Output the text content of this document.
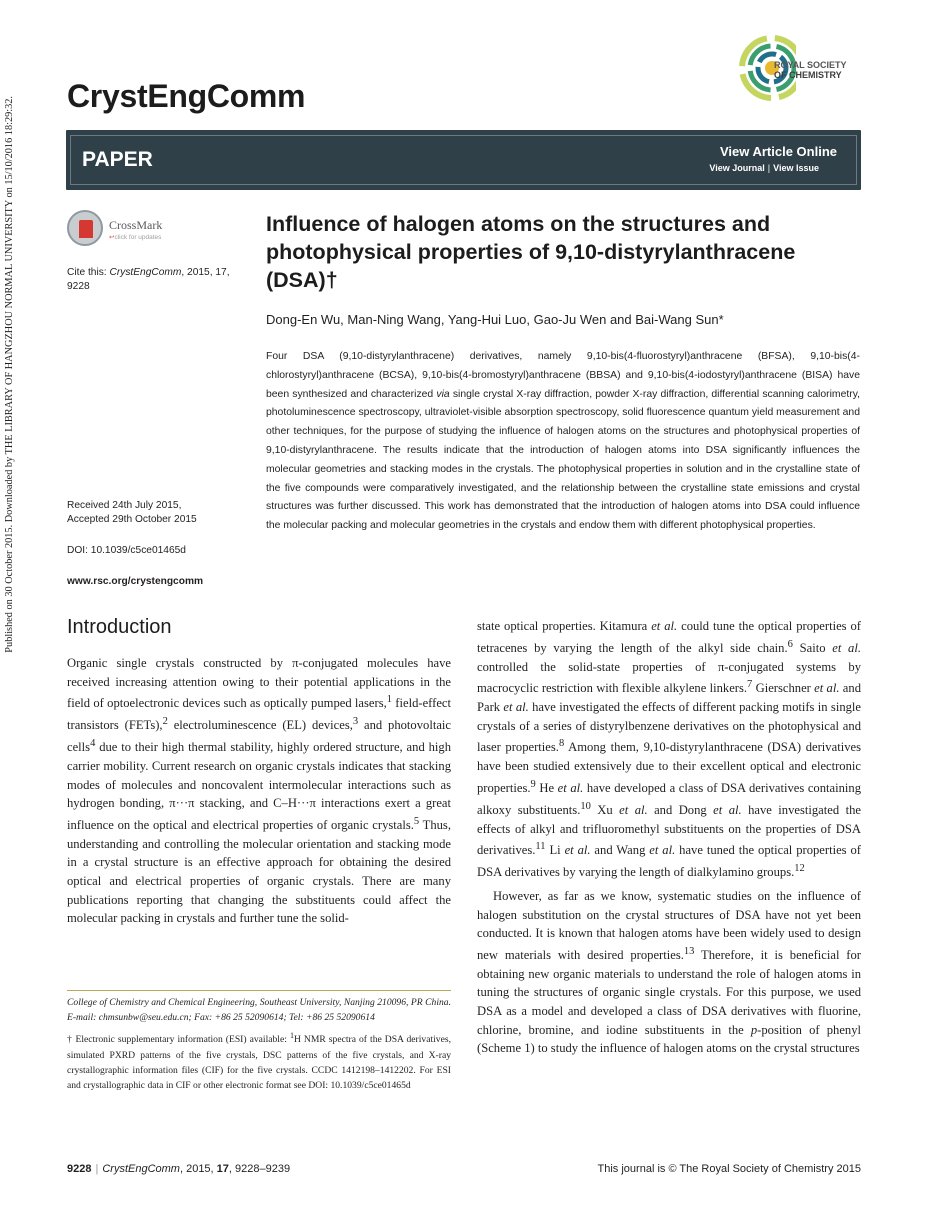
Published on 30 October 2015. Downloaded by THE LIBRARY OF HANGZHOU NORMAL UNIVERSITY on 15/10/2016 18:29:32. CrystEngComm
ROYAL SOCIETY
OF CHEMISTRY
PAPER	View Article Online
View Journal | View Issue
CrossMark
↩click for updates
Cite this: CrystEngComm, 2015, 17,
9228
Received 24th July 2015,
Accepted 29th October 2015
DOI: 10.1039/c5ce01465d
www.rsc.org/crystengcomm
Influence of halogen atoms on the structures and photophysical properties of 9,10-distyrylanthracene (DSA)†
Dong-En Wu, Man-Ning Wang, Yang-Hui Luo, Gao-Ju Wen and Bai-Wang Sun*
Four DSA (9,10-distyrylanthracene) derivatives, namely 9,10-bis(4-fluorostyryl)anthracene (BFSA), 9,10-bis(4-chlorostyryl)anthracene (BCSA), 9,10-bis(4-bromostyryl)anthracene (BBSA) and 9,10-bis(4-iodostyryl)anthracene (BISA) have been synthesized and characterized via single crystal X-ray diffraction, powder X-ray diffraction, differential scanning calorimetry, photoluminescence spectroscopy, ultraviolet-visible absorption spectroscopy, solid fluorescence quantum yield measurement and other techniques, for the purpose of studying the influence of halogen atoms on the structures and photophysical properties of 9,10-distyrylanthracene. The results indicate that the introduction of halogen atoms into DSA significantly influences the molecular geometries and stacking modes in the crystals. The photophysical properties in solution and in the crystalline state of the five compounds were comparatively investigated, and the relationship between the crystalline state emissions and crystal structures was further discussed. This work has demonstrated that the introduction of halogen atoms into DSA could influence the molecular packing and molecular geometries in the crystals and endow them with different photophysical properties.
Introduction

Organic single crystals constructed by π-conjugated molecules have received increasing attention owing to their potential applications in the field of optoelectronic devices such as optically pumped lasers,$^1$ field-effect transistors (FETs),$^2$ electroluminescence (EL) devices,$^3$ and photovoltaic cells$^4$ due to their high thermal stability, highly ordered structure, and high carrier mobility. Current research on organic crystals indicates that stacking modes of molecules and noncovalent intermolecular interactions such as hydrogen bonding, π···π stacking, and C–H···π interactions exert a great influence on the optical and electrical properties of organic crystals.$^5$ Thus, understanding and controlling the molecular orientation and stacking mode in a crystal structure is an effective approach for obtaining the desired optical and electrical properties of organic crystals. There are many publications reporting that changing the substituents could affect the molecular packing in crystals and further tune the solid-

state optical properties. Kitamura et al. could tune the optical properties of tetracenes by varying the length of the alkyl side chain.$^6$ Saito et al. controlled the solid-state properties of π-conjugated systems by macrocyclic restriction with flexible alkylene linkers.$^7$ Gierschner et al. and Park et al. have investigated the effects of different packing motifs in single crystals of a series of distyrylbenzene derivatives on the photophysical and laser properties.$^8$ Among them, 9,10-distyrylanthracene (DSA) derivatives have been studied extensively due to their excellent optical and electronic properties.$^9$ He et al. have developed a class of DSA derivatives containing alkoxy substituents.$^{10}$ Xu et al. and Dong et al. have investigated the effects of alkyl and trifluoromethyl substituents on the properties of DSA derivatives.$^{11}$ Li et al. and Wang et al. have tuned the optical properties of DSA derivatives by varying the length of dialkylamino groups.$^{12}$

However, as far as we know, systematic studies on the influence of halogen substitution on the crystal structures of DSA have not yet been conducted. It is known that halogen atoms have been widely used to design new materials with desired properties.$^{13}$ Therefore, it is beneficial for obtaining new organic materials to understand the role of halogen atoms in tuning the structures of organic single crystals. For this purpose, we used DSA as a model and developed a class of DSA derivatives with fluorine, chlorine, bromine, and iodine substituents in the p-position of phenyl (Scheme 1) to study the influence of halogen atoms on the crystal structures

College of Chemistry and Chemical Engineering, Southeast University, Nanjing 210096, PR China. E-mail: chmsunbw@seu.edu.cn; Fax: +86 25 52090614; Tel: +86 25 52090614

† Electronic supplementary information (ESI) available: $^1$H NMR spectra of the DSA derivatives, simulated PXRD patterns of the five crystals, DSC patterns of the five crystals, and X-ray crystallographic information files (CIF) for the five crystals. CCDC 1412198–1412202. For ESI and crystallographic data in CIF or other electronic format see DOI: 10.1039/c5ce01465d

9228 | CrystEngComm, 2015, 17, 9228–9239	This journal is © The Royal Society of Chemistry 2015
